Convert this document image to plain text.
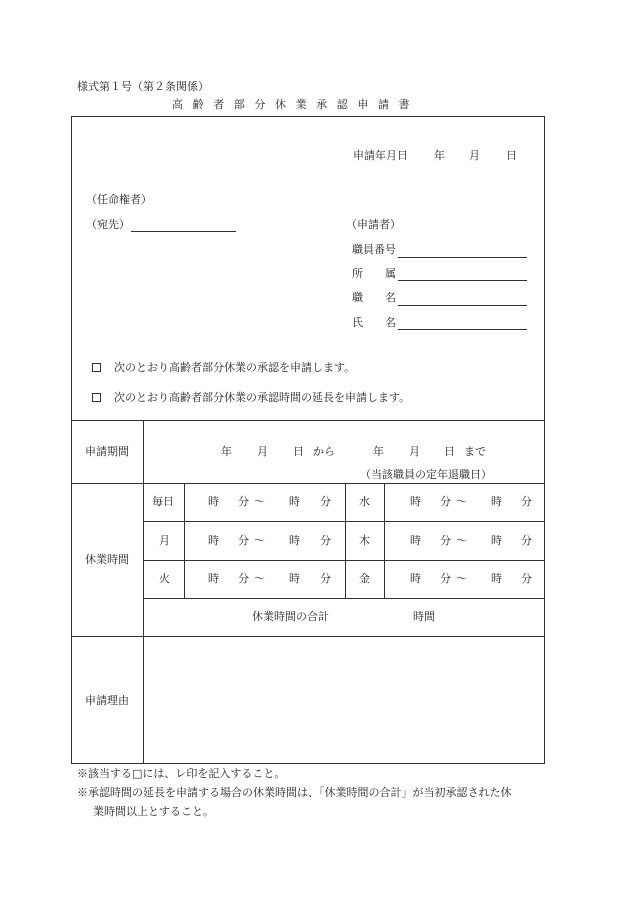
様式第１号（第２条関係）
高 齢 者 部 分 休 業 承 認 申 請 書
申請年月日 年 月 日
（任命権者）
（宛先）	（申請者）
職員番号
所 属
職 名
氏 名
次のとおり高齢者部分休業の承認を申請します。
次のとおり高齢者部分休業の承認時間の延長を申請します。
申請期間	年 月 日 から	年 月 日 まで
（当該職員の定年退職日）
休業時間
毎日	時 分 ～ 時 分	水	時 分 ～ 時 分
月	時 分 ～ 時 分	木	時 分 ～ 時 分
火	時 分 ～ 時 分	金	時 分 ～ 時 分
休業時間の合計	時間
申請理由
※該当する□には、レ印を記入すること。
※承認時間の延長を申請する場合の休業時間は、「休業時間の合計」が当初承認された休
業時間以上とすること。
